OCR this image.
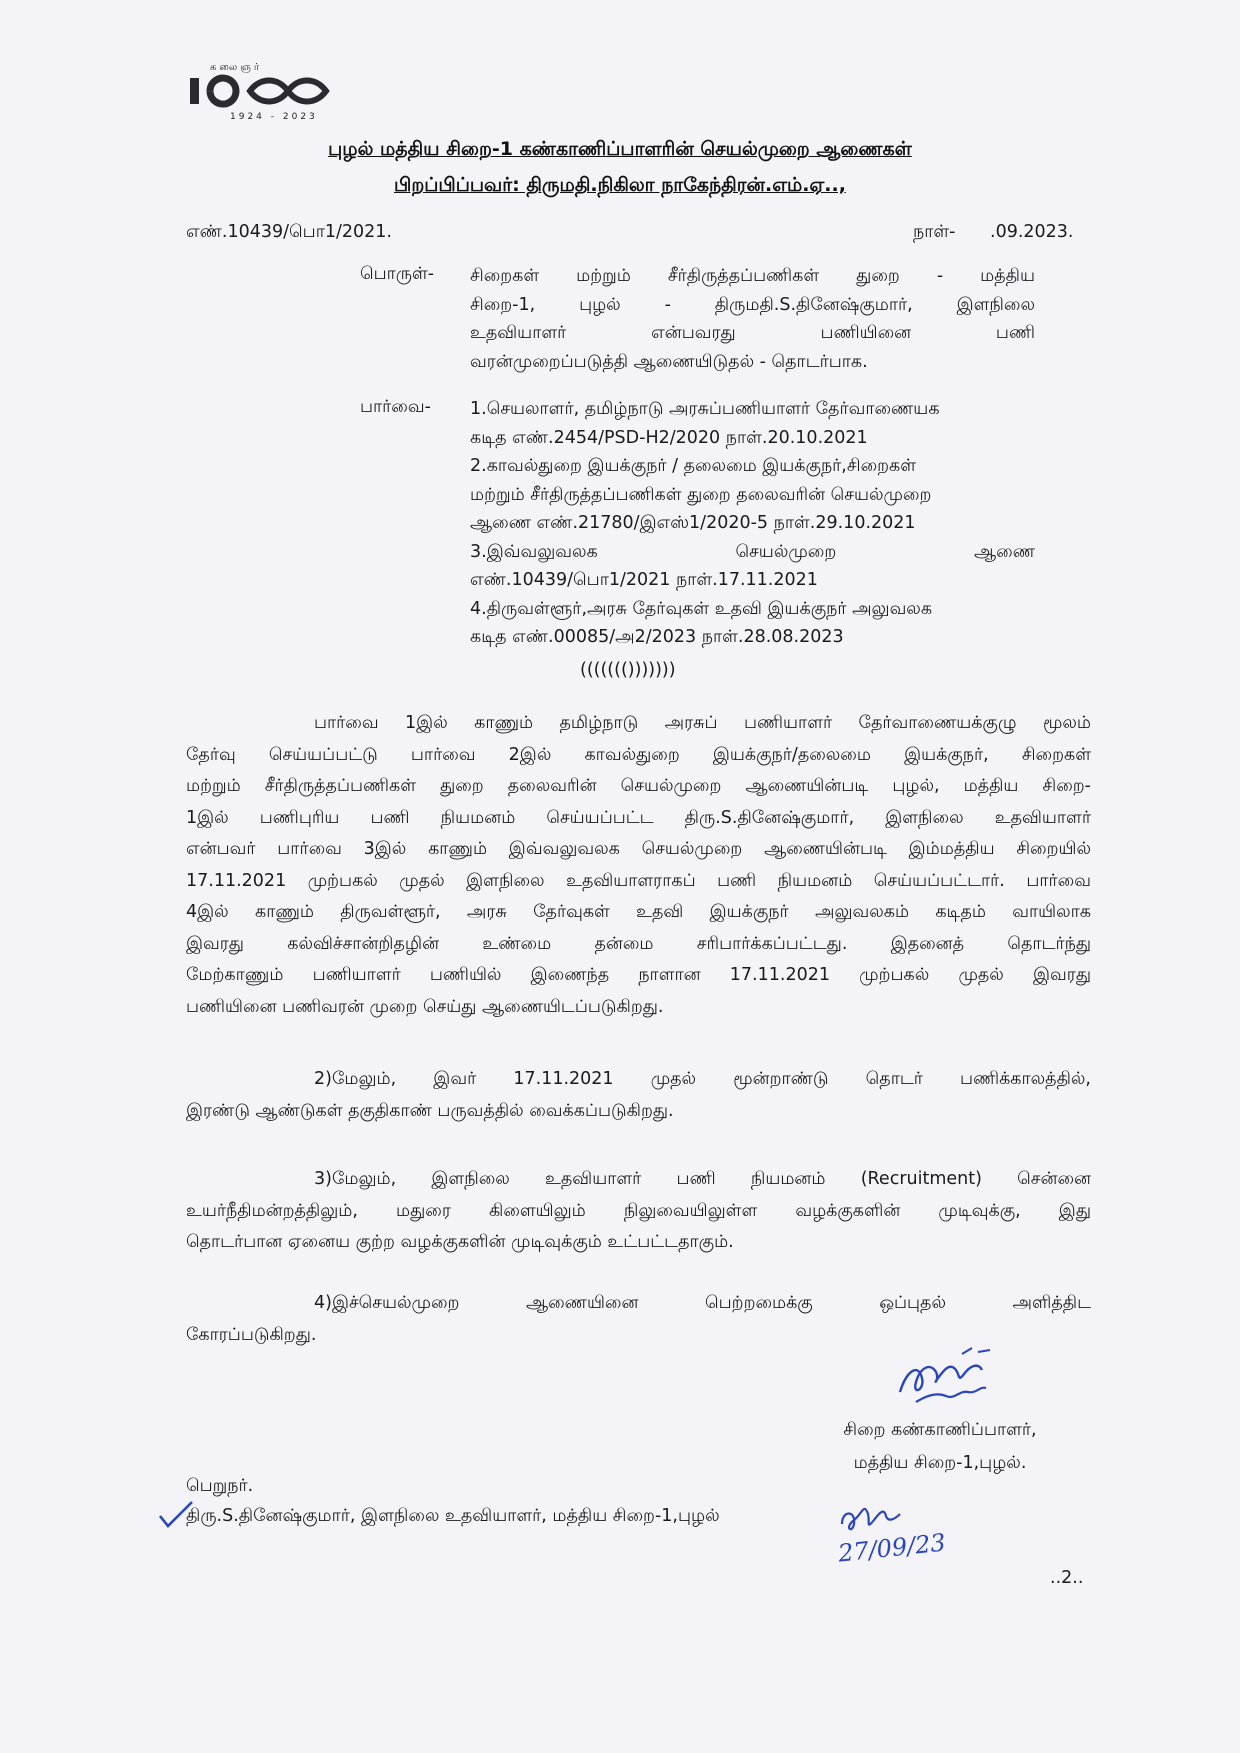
கலைஞர்
1924 - 2023
புழல் மத்திய சிறை-1 கண்காணிப்பாளரின் செயல்முறை ஆணைகள்
பிறப்பிப்பவர்: திருமதி.நிகிலா நாகேந்திரன்.எம்.ஏ..,
எண்.10439/பொ1/2021.	நாள்- .09.2023.
பொருள்- சிறைகள் மற்றும் சீர்திருத்தப்பணிகள் துறை - மத்திய
சிறை-1, புழல் - திருமதி.S.தினேஷ்குமார், இளநிலை
உதவியாளர் என்பவரது பணியினை பணி
வரன்முறைப்படுத்தி ஆணையிடுதல் - தொடர்பாக.
பார்வை- 1.செயலாளர், தமிழ்நாடு அரசுப்பணியாளர் தேர்வாணையக
கடித எண்.2454/PSD-H2/2020 நாள்.20.10.2021
2.காவல்துறை இயக்குநர் / தலைமை இயக்குநர்,சிறைகள்
மற்றும் சீர்திருத்தப்பணிகள் துறை தலைவரின் செயல்முறை
ஆணை எண்.21780/இஎஸ்1/2020-5 நாள்.29.10.2021
3.இவ்வலுவலக செயல்முறை ஆணை
எண்.10439/பொ1/2021 நாள்.17.11.2021
4.திருவள்ளூர்,அரசு தேர்வுகள் உதவி இயக்குநர் அலுவலக
கடித எண்.00085/அ2/2023 நாள்.28.08.2023
((((((()))))))
பார்வை 1இல் காணும் தமிழ்நாடு அரசுப் பணியாளர் தேர்வாணையக்குழு மூலம்
தேர்வு செய்யப்பட்டு பார்வை 2இல் காவல்துறை இயக்குநர்/தலைமை இயக்குநர், சிறைகள்
மற்றும் சீர்திருத்தப்பணிகள் துறை தலைவரின் செயல்முறை ஆணையின்படி புழல், மத்திய சிறை-
1இல் பணிபுரிய பணி நியமனம் செய்யப்பட்ட திரு.S.தினேஷ்குமார், இளநிலை உதவியாளர்
என்பவர் பார்வை 3இல் காணும் இவ்வலுவலக செயல்முறை ஆணையின்படி இம்மத்திய சிறையில்
17.11.2021 முற்பகல் முதல் இளநிலை உதவியாளராகப் பணி நியமனம் செய்யப்பட்டார். பார்வை
4இல் காணும் திருவள்ளூர், அரசு தேர்வுகள் உதவி இயக்குநர் அலுவலகம் கடிதம் வாயிலாக
இவரது கல்விச்சான்றிதழின் உண்மை தன்மை சரிபார்க்கப்பட்டது. இதனைத் தொடர்ந்து
மேற்காணும் பணியாளர் பணியில் இணைந்த நாளான 17.11.2021 முற்பகல் முதல் இவரது
பணியினை பணிவரன் முறை செய்து ஆணையிடப்படுகிறது.
2)மேலும், இவர் 17.11.2021 முதல் மூன்றாண்டு தொடர் பணிக்காலத்தில்,
இரண்டு ஆண்டுகள் தகுதிகாண் பருவத்தில் வைக்கப்படுகிறது.
3)மேலும், இளநிலை உதவியாளர் பணி நியமனம் (Recruitment) சென்னை
உயர்நீதிமன்றத்திலும், மதுரை கிளையிலும் நிலுவையிலுள்ள வழக்குகளின் முடிவுக்கு, இது
தொடர்பான ஏனைய குற்ற வழக்குகளின் முடிவுக்கும் உட்பட்டதாகும்.
4)இச்செயல்முறை ஆணையினை பெற்றமைக்கு ஒப்புதல் அளித்திட
கோரப்படுகிறது.
சிறை கண்காணிப்பாளர்,
மத்திய சிறை-1,புழல்.
பெறுநர்.
திரு.S.தினேஷ்குமார், இளநிலை உதவியாளர், மத்திய சிறை-1,புழல்
27/09/23
..2..
